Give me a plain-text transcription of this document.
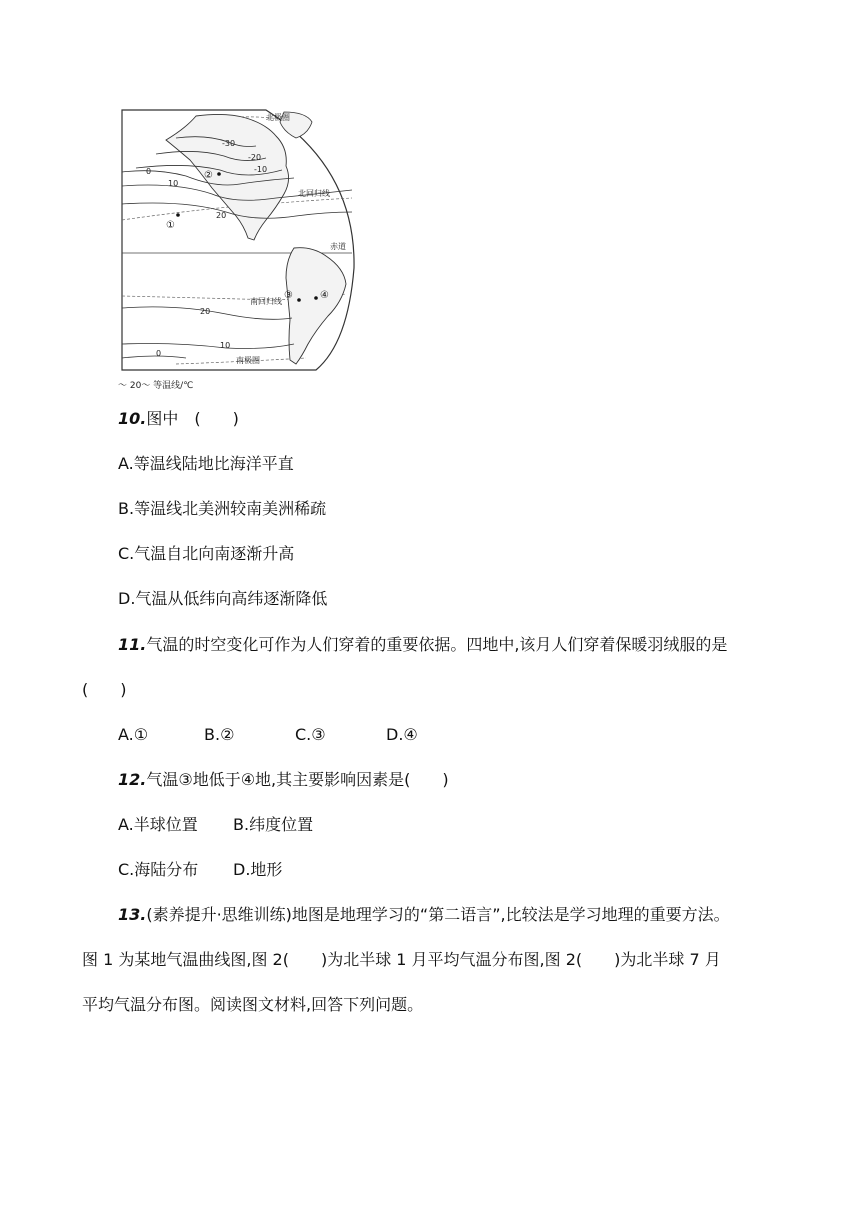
-30
-20
-10
0
10
20
20
10
0
北极圈
北回归线
赤道
南回归线
南极圈
①
②
③	④
～ 20～ 等温线/℃
10.图中 (　　)
A.等温线陆地比海洋平直
B.等温线北美洲较南美洲稀疏
C.气温自北向南逐渐升高
D.气温从低纬向高纬逐渐降低
11.气温的时空变化可作为人们穿着的重要依据。四地中,该月人们穿着保暖羽绒服的是
(　　)
A.①	B.②	C.③	D.④
12.气温③地低于④地,其主要影响因素是(　　)
A.半球位置 B.纬度位置
C.海陆分布 D.地形
13.(素养提升·思维训练)地图是地理学习的“第二语言”,比较法是学习地理的重要方法。
图 1 为某地气温曲线图,图 2(　　)为北半球 1 月平均气温分布图,图 2(　　)为北半球 7 月
平均气温分布图。阅读图文材料,回答下列问题。
